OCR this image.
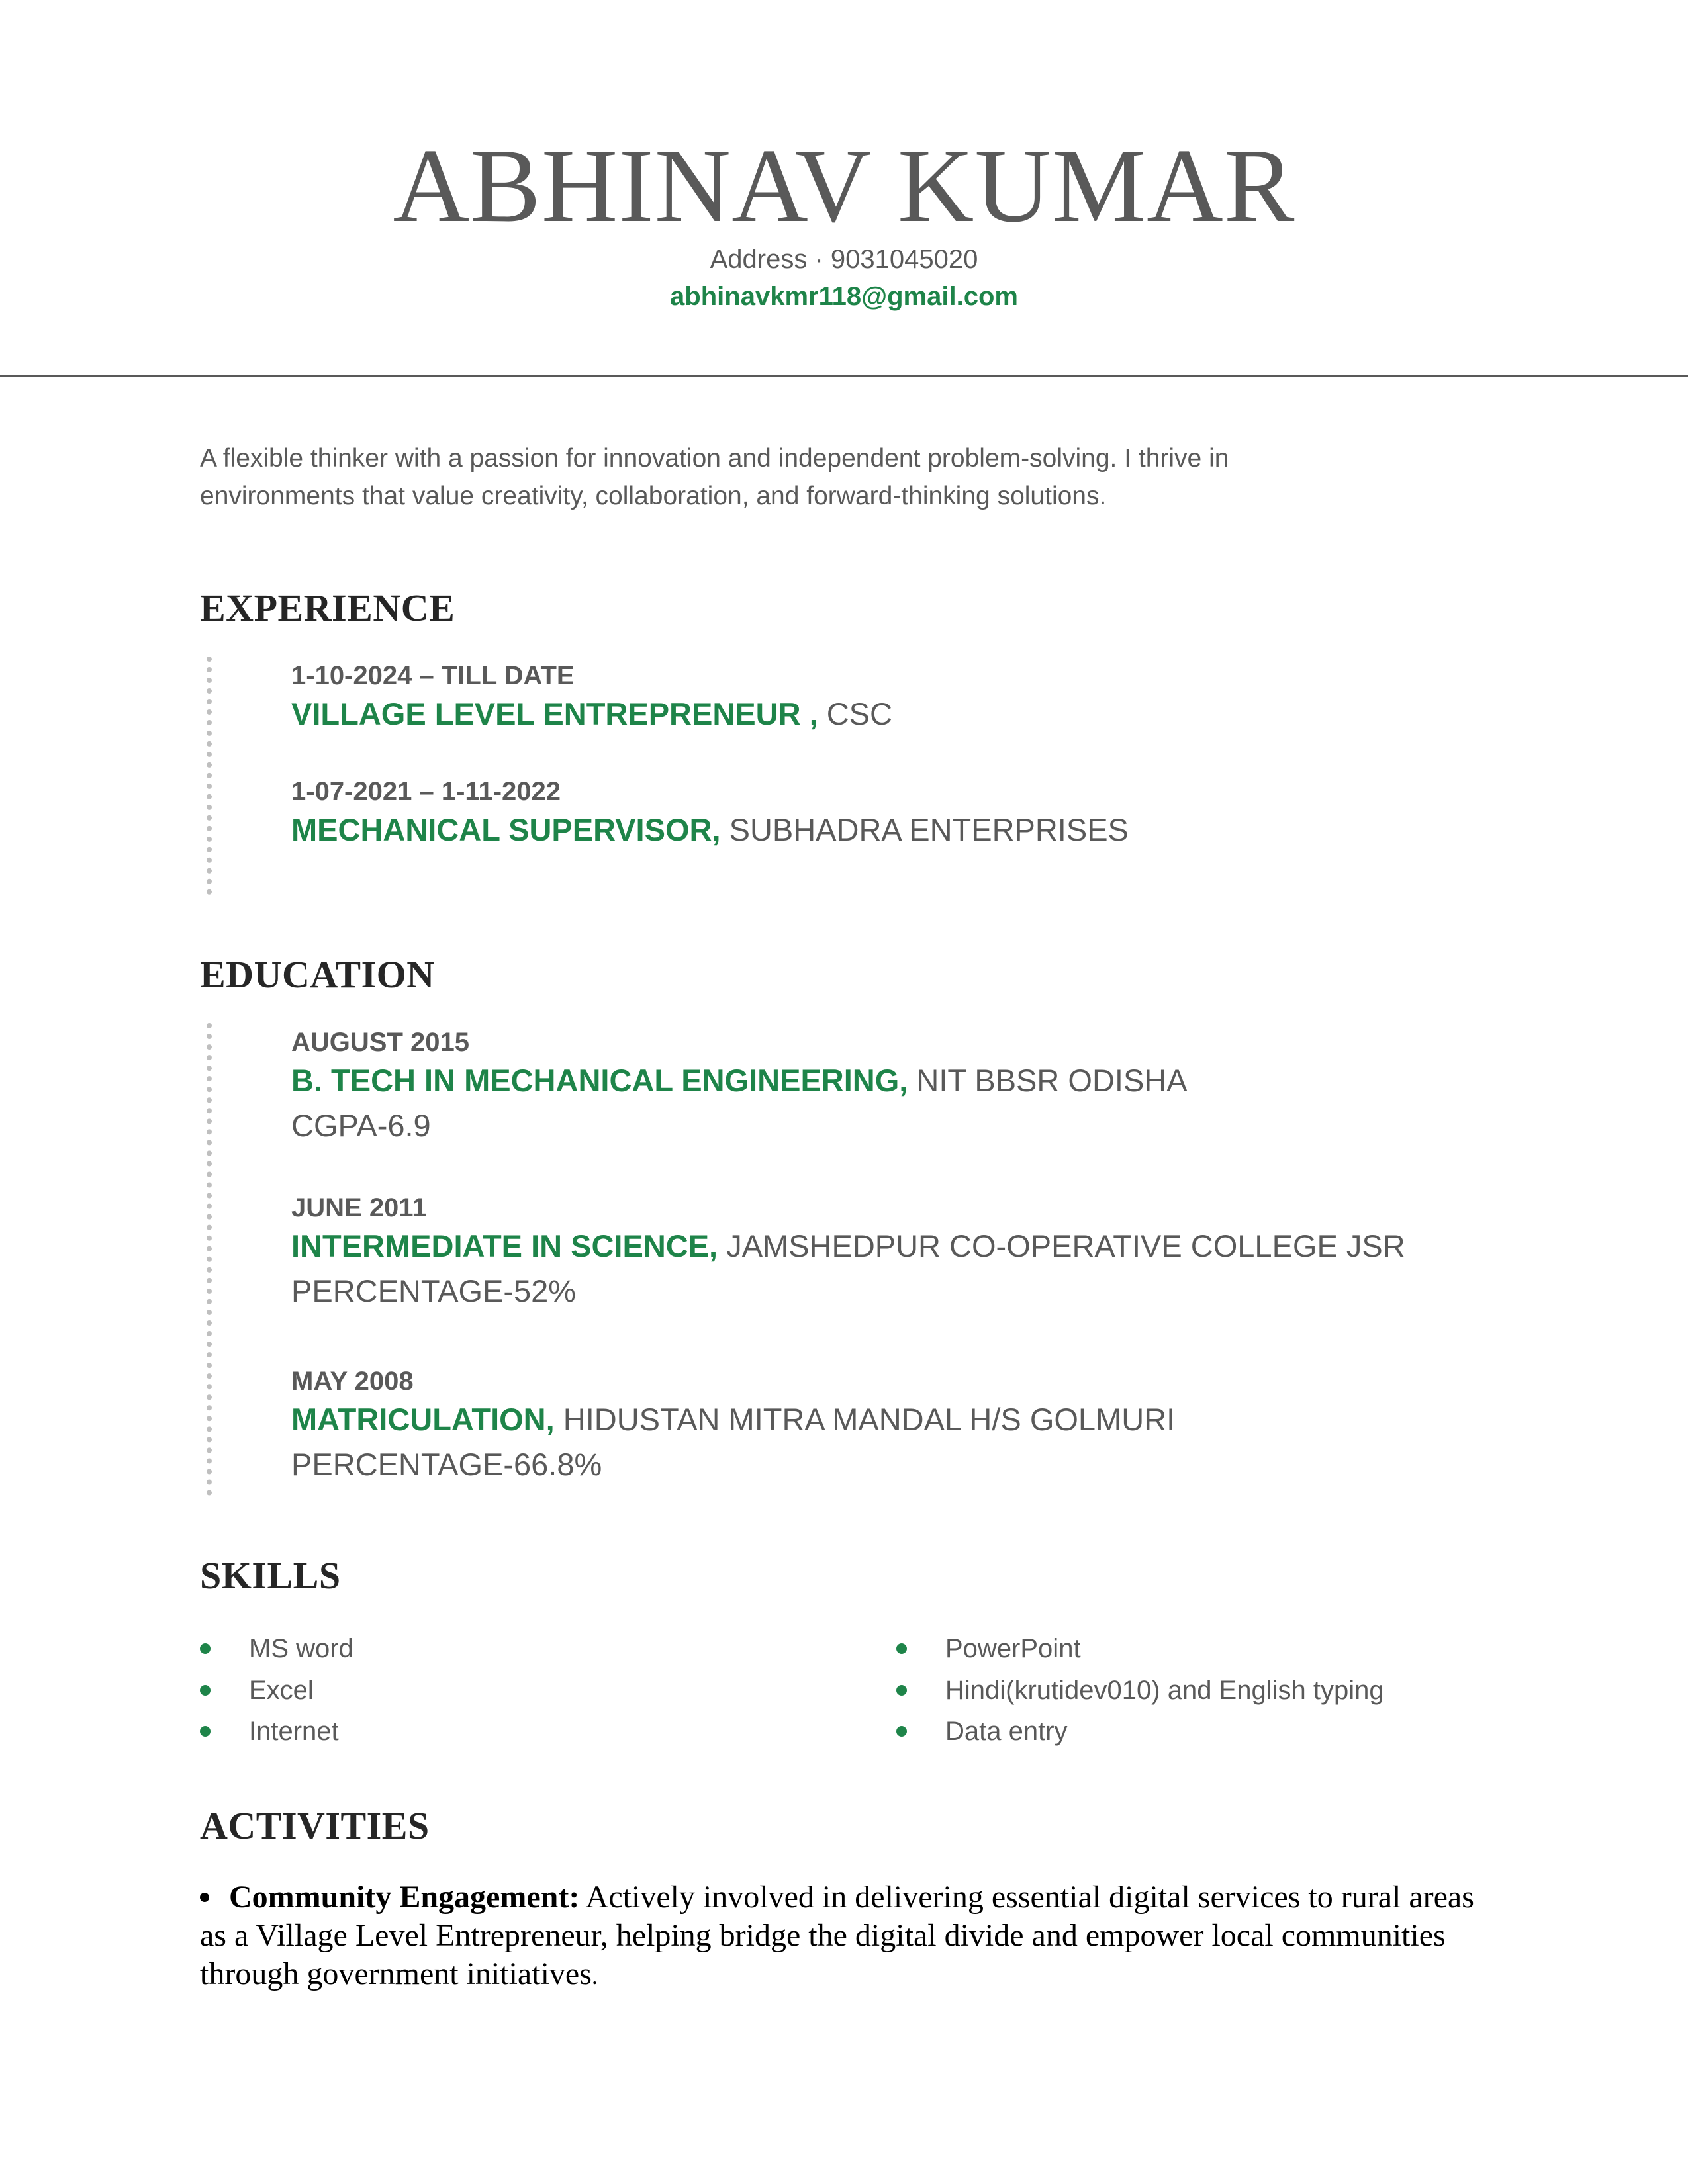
ABHINAV KUMAR
Address · 9031045020
abhinavkmr118@gmail.com

A flexible thinker with a passion for innovation and independent problem-solving. I thrive in environments that value creativity, collaboration, and forward-thinking solutions.

EXPERIENCE

1-10-2024 – TILL DATE

VILLAGE LEVEL ENTREPRENEUR , CSC

1-07-2021 – 1-11-2022

MECHANICAL SUPERVISOR, SUBHADRA ENTERPRISES

EDUCATION

AUGUST 2015

B. TECH IN MECHANICAL ENGINEERING, NIT BBSR ODISHA

CGPA-6.9

JUNE 2011

INTERMEDIATE IN SCIENCE, JAMSHEDPUR CO-OPERATIVE COLLEGE JSR

PERCENTAGE-52%

MAY 2008

MATRICULATION, HIDUSTAN MITRA MANDAL H/S GOLMURI

PERCENTAGE-66.8%

SKILLS
MS word
Excel
Internet
PowerPoint
Hindi(krutidev010) and English typing
Data entry
ACTIVITIES

Community Engagement: Actively involved in delivering essential digital services to rural areas as a Village Level Entrepreneur, helping bridge the digital divide and empower local communities through government initiatives.
